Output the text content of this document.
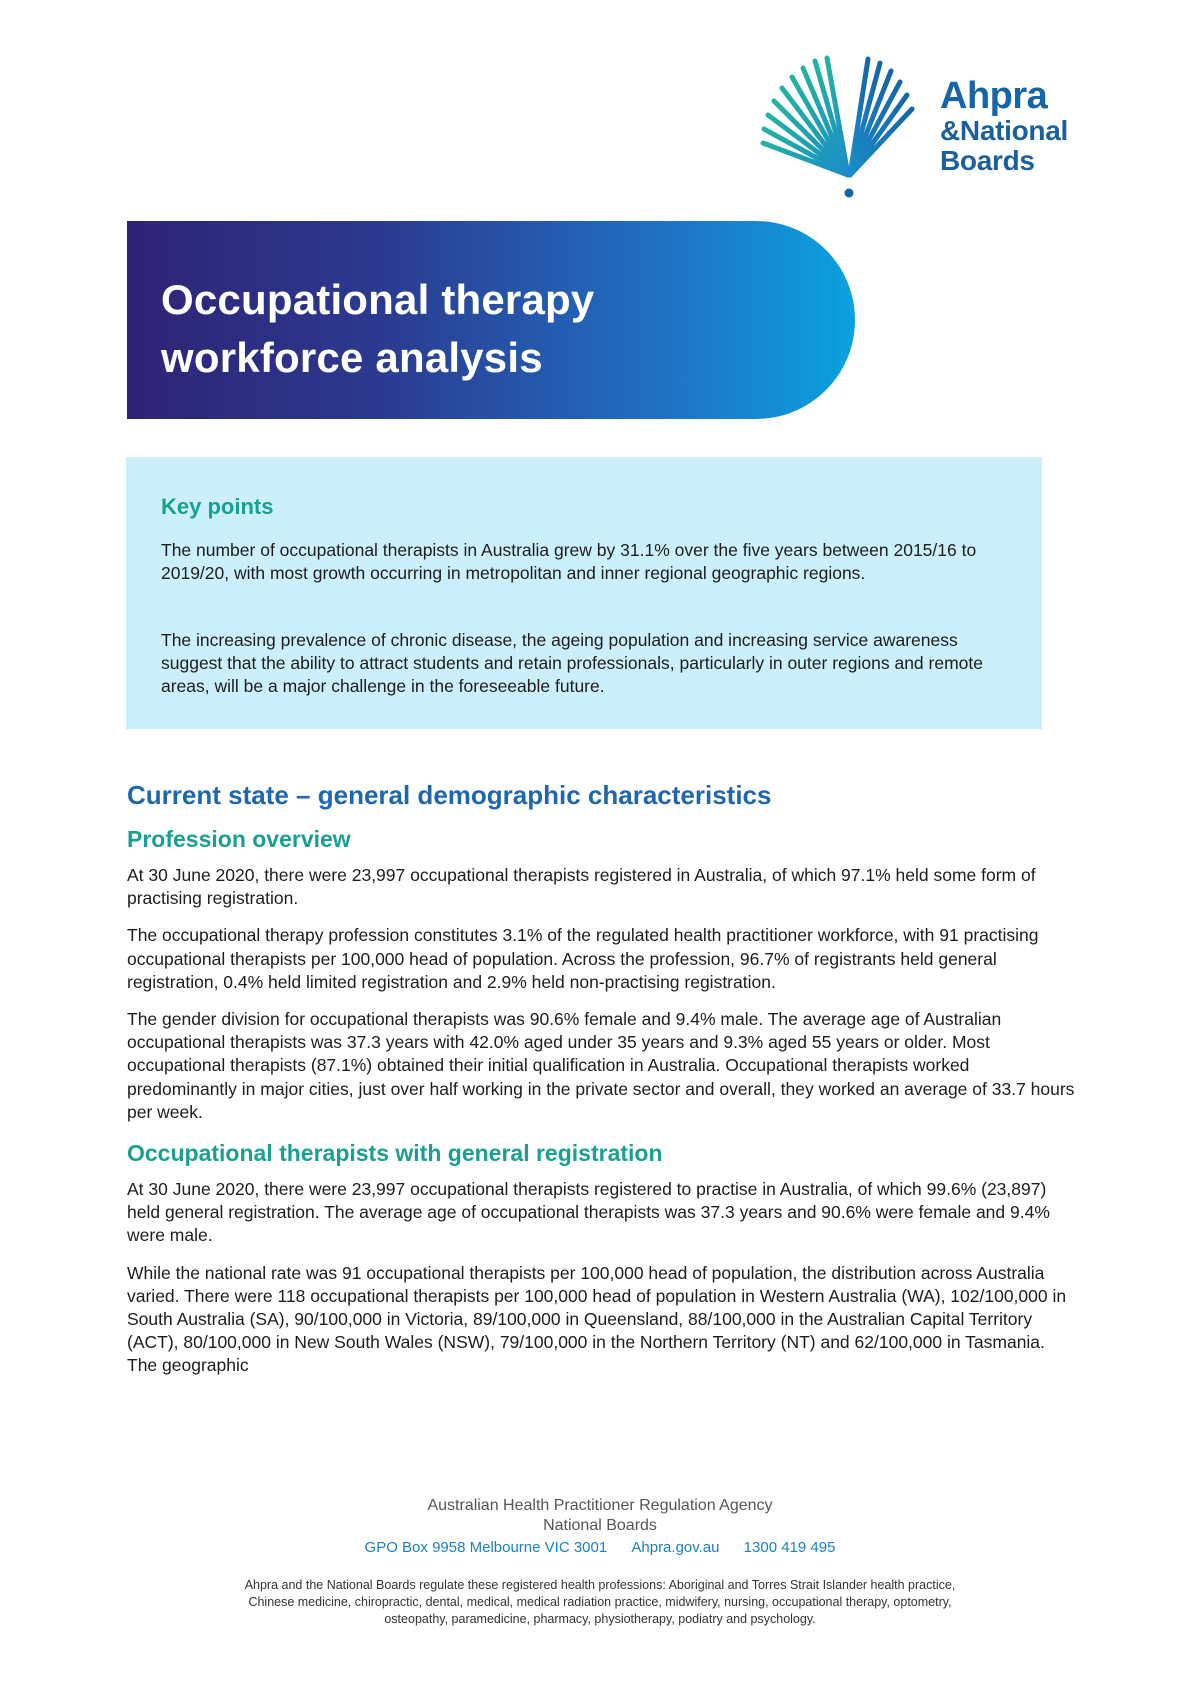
Ahpra
&National
Boards
Occupational therapy
workforce analysis
Key points

The number of occupational therapists in Australia grew by 31.1% over the five years between 2015/16 to 2019/20, with most growth occurring in metropolitan and inner regional geographic regions.

The increasing prevalence of chronic disease, the ageing population and increasing service awareness suggest that the ability to attract students and retain professionals, particularly in outer regions and remote areas, will be a major challenge in the foreseeable future.

Current state – general demographic characteristics
Profession overview

At 30 June 2020, there were 23,997 occupational therapists registered in Australia, of which 97.1% held some form of practising registration.

The occupational therapy profession constitutes 3.1% of the regulated health practitioner workforce, with 91 practising occupational therapists per 100,000 head of population. Across the profession, 96.7% of registrants held general registration, 0.4% held limited registration and 2.9% held non-practising registration.

The gender division for occupational therapists was 90.6% female and 9.4% male. The average age of Australian occupational therapists was 37.3 years with 42.0% aged under 35 years and 9.3% aged 55 years or older. Most occupational therapists (87.1%) obtained their initial qualification in Australia. Occupational therapists worked predominantly in major cities, just over half working in the private sector and overall, they worked an average of 33.7 hours per week.

Occupational therapists with general registration

At 30 June 2020, there were 23,997 occupational therapists registered to practise in Australia, of which 99.6% (23,897) held general registration. The average age of occupational therapists was 37.3 years and 90.6% were female and 9.4% were male.

While the national rate was 91 occupational therapists per 100,000 head of population, the distribution across Australia varied. There were 118 occupational therapists per 100,000 head of population in Western Australia (WA), 102/100,000 in South Australia (SA), 90/100,000 in Victoria, 89/100,000 in Queensland, 88/100,000 in the Australian Capital Territory (ACT), 80/100,000 in New South Wales (NSW), 79/100,000 in the Northern Territory (NT) and 62/100,000 in Tasmania. The geographic

Australian Health Practitioner Regulation Agency
National Boards
GPO Box 9958 Melbourne VIC 3001 Ahpra.gov.au 1300 419 495
Ahpra and the National Boards regulate these registered health professions: Aboriginal and Torres Strait Islander health practice, Chinese medicine, chiropractic, dental, medical, medical radiation practice, midwifery, nursing, occupational therapy, optometry, osteopathy, paramedicine, pharmacy, physiotherapy, podiatry and psychology.
